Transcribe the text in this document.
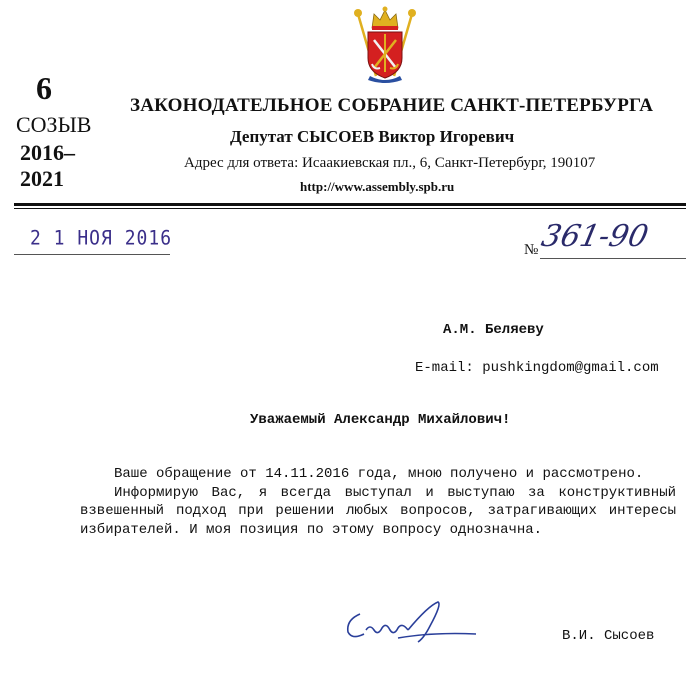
6
СОЗЫВ
2016–
2021
ЗАКОНОДАТЕЛЬНОЕ СОБРАНИЕ САНКТ-ПЕТЕРБУРГА
Депутат СЫСОЕВ Виктор Игоревич
Адрес для ответа: Исаакиевская пл., 6, Санкт-Петербург, 190107
http://www.assembly.spb.ru
2 1 НОЯ 2016	№ 361-90
А.М. Беляеву
E-mail: pushkingdom@gmail.com
Уважаемый Александр Михайлович!

Ваше обращение от 14.11.2016 года, мною получено и рассмотрено.

Информирую Вас, я всегда выступал и выступаю за конструктивный взвешенный подход при решении любых вопросов, затрагивающих интересы избирателей. И моя позиция по этому вопросу однозначна.

В.И. Сысоев
